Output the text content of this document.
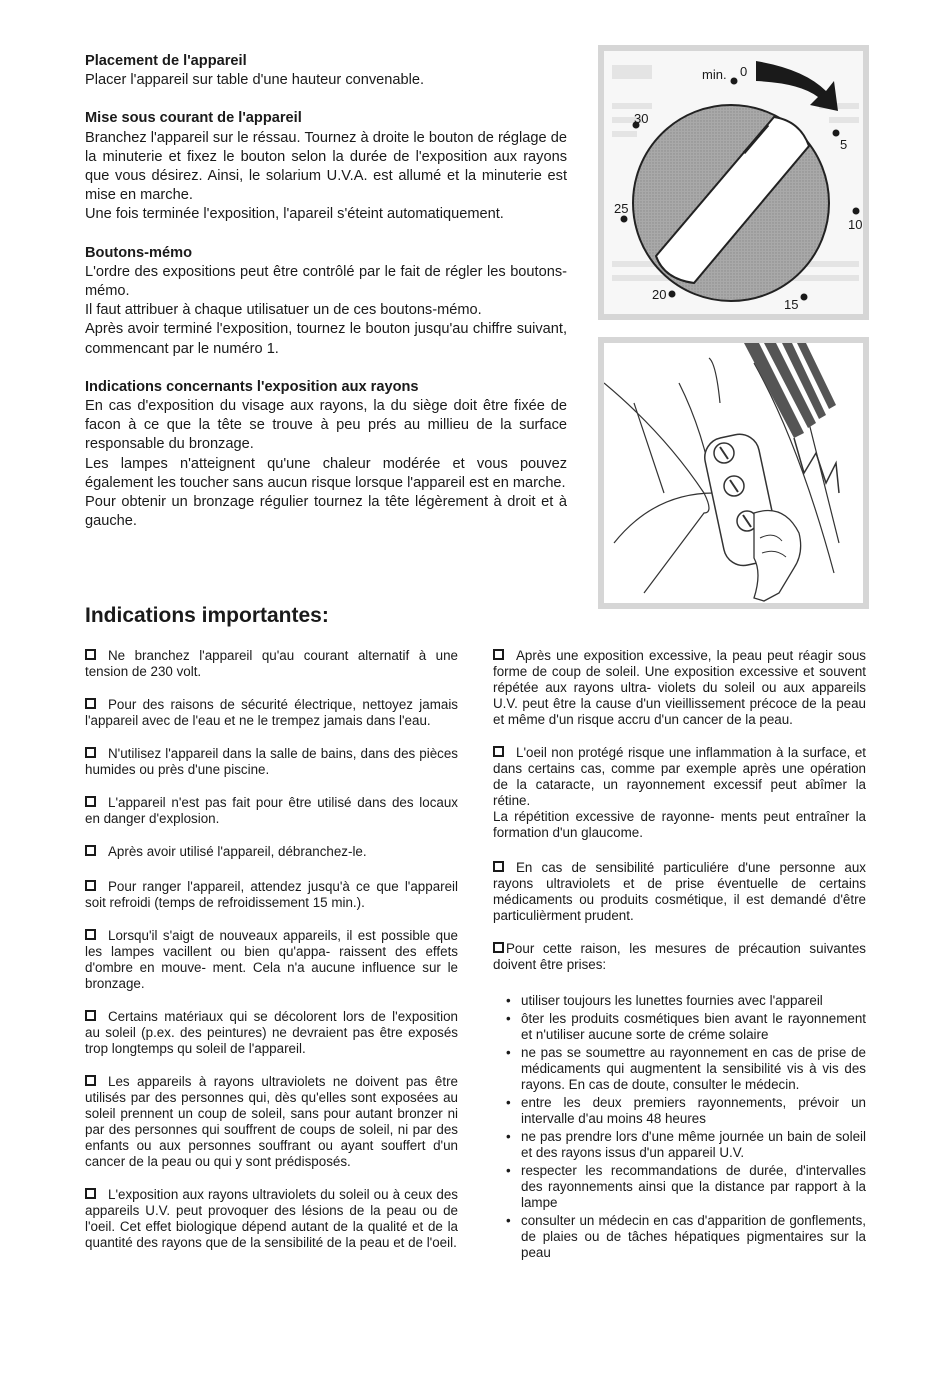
Placement de l'appareil

Placer l'appareil sur table d'une hauteur convenable.

Mise sous courant de l'appareil

Branchez l'appareil sur le réssau. Tournez à droite le bouton de réglage de la minuterie et fixez le bouton selon la durée de l'exposition aux rayons que vous désirez. Ainsi, le solarium U.V.A. est allumé et la minuterie est mise en marche.

Une fois terminée l'exposition, l'apareil s'éteint automatiquement.

Boutons-mémo

L'ordre des expositions peut être contrôlé par le fait de régler les boutons-mémo.

Il faut attribuer à chaque utilisatuer un de ces boutons-mémo.

Après avoir terminé l'exposition, tournez le bouton jusqu'au chiffre suivant, commencant par le numéro 1.

Indications concernants l'exposition aux rayons

En cas d'exposition du visage aux rayons, la du siège doit être fixée de facon à ce que la tête se trouve à peu prés au millieu de la surface responsable du bronzage.

Les lampes n'atteignent qu'une chaleur modérée et vous pouvez également les toucher sans aucun risque lorsque l'appareil est en marche.

Pour obtenir un bronzage régulier tournez la tête légèrement à droit et à gauche.

min. 0
5
10
15
20
25
30
Indications importantes:

Ne branchez l'appareil qu'au courant alternatif à une tension de 230 volt.

Pour des raisons de sécurité électrique, nettoyez jamais l'appareil avec de l'eau et ne le trempez jamais dans l'eau.

N'utilisez l'appareil dans la salle de bains, dans des pièces humides ou près d'une piscine.

L'appareil n'est pas fait pour être utilisé dans des locaux en danger d'explosion.

Après avoir utilisé l'appareil, débranchez-le.

Pour ranger l'appareil, attendez jusqu'à ce que l'appareil soit refroidi (temps de refroidissement 15 min.).

Lorsqu'il s'aigt de nouveaux appareils, il est possible que les lampes vacillent ou bien qu'appa- raissent des effets d'ombre en mouve- ment. Cela n'a aucune influence sur le bronzage.

Certains matériaux qui se décolorent lors de l'exposition au soleil (p.ex. des peintures) ne devraient pas être exposés trop longtemps qu soleil de l'appareil.

Les appareils à rayons ultraviolets ne doivent pas être utilisés par des personnes qui, dès qu'elles sont exposées au soleil prennent un coup de soleil, sans pour autant bronzer ni par des personnes qui souffrent de coups de soleil, ni par des enfants ou aux personnes souffrant ou ayant souffert d'un cancer de la peau ou qui y sont prédisposés.

L'exposition aux rayons ultraviolets du soleil ou à ceux des appareils U.V. peut provoquer des lésions de la peau ou de l'oeil. Cet effet biologique dépend autant de la qualité et de la quantité des rayons que de la sensibilité de la peau et de l'oeil.

Après une exposition excessive, la peau peut réagir sous forme de coup de soleil. Une exposition excessive et souvent répétée aux rayons ultra- violets du soleil ou aux appareils U.V. peut être la cause d'un vieillissement précoce de la peau et même d'un risque accru d'un cancer de la peau.

L'oeil non protégé risque une inflammation à la surface, et dans certains cas, comme par exemple après une opération de la cataracte, un rayonnement excessif peut abîmer la rétine.

La répétition excessive de rayonne- ments peut entraîner la formation d'un glaucome.

En cas de sensibilité particuliére d'une personne aux rayons ultraviolets et de prise éventuelle de certains médicaments ou produits cosmétique, il est demandé d'être particulièrment prudent.

Pour cette raison, les mesures de précaution suivantes doivent être prises:

• utiliser toujours les lunettes fournies avec l'appareil
• ôter les produits cosmétiques bien avant le rayonnement et n'utiliser aucune sorte de créme solaire
• ne pas se soumettre au rayonnement en cas de prise de médicaments qui augmentent la sensibilité vis à vis des rayons. En cas de doute, consulter le médecin.
• entre les deux premiers rayonnements, prévoir un intervalle d'au moins 48 heures
• ne pas prendre lors d'une même journée un bain de soleil et des rayons issus d'un appareil U.V.
• respecter les recommandations de durée, d'intervalles des rayonnements ainsi que la distance par rapport à la lampe
• consulter un médecin en cas d'apparition de gonflements, de plaies ou de tâches hépatiques pigmentaires sur la peau
